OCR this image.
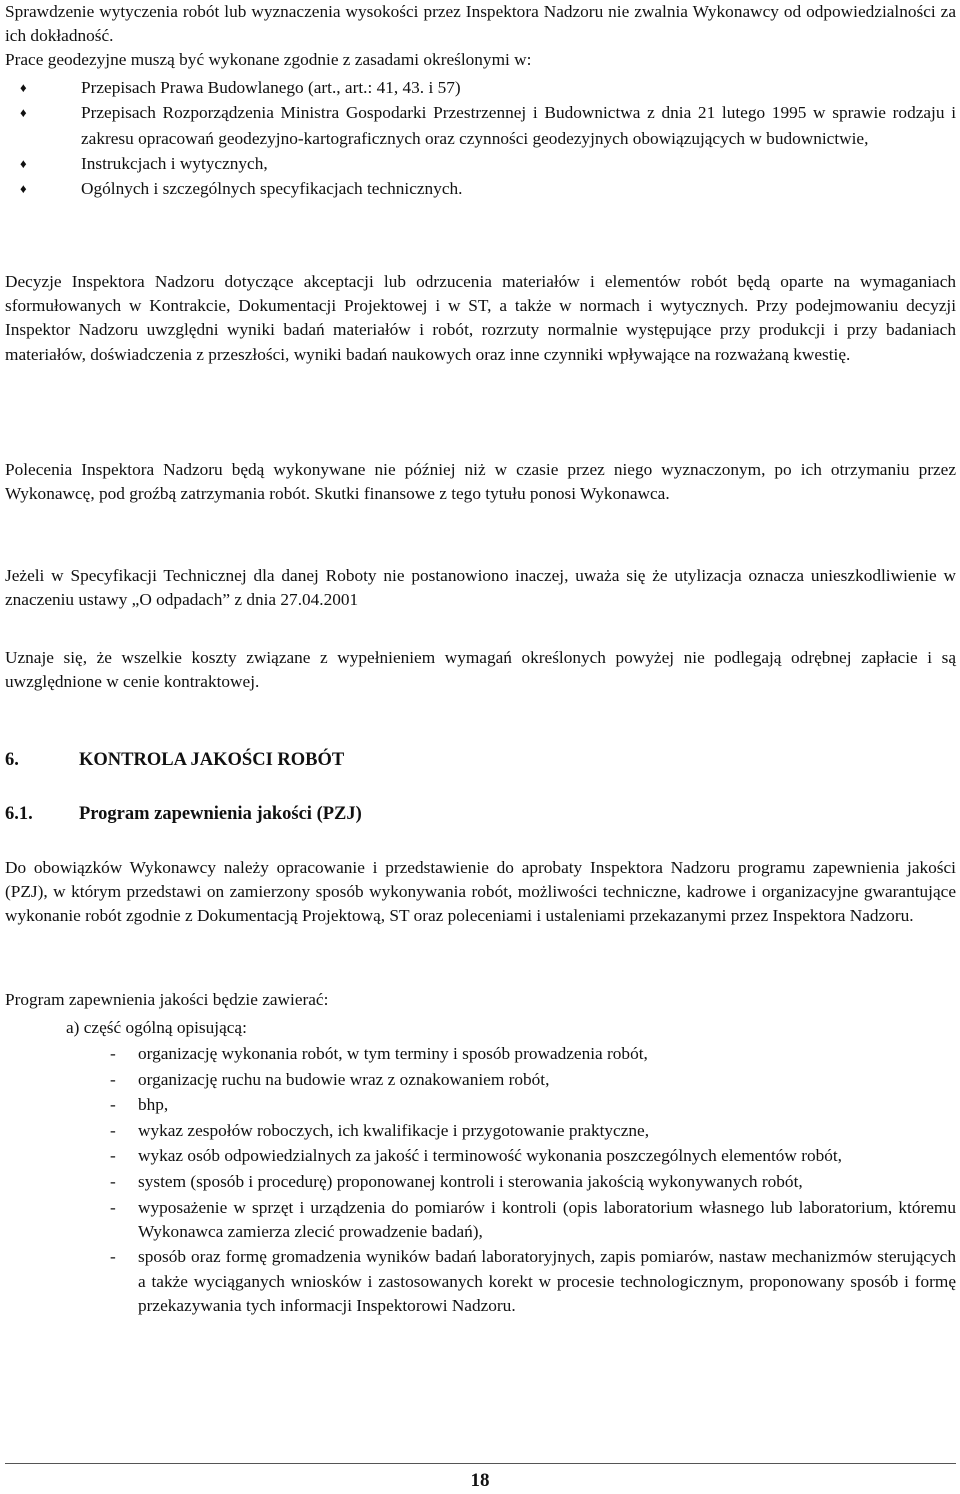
Sprawdzenie wytyczenia robót lub wyznaczenia wysokości przez Inspektora Nadzoru nie zwalnia Wykonawcy od odpowiedzialności za ich dokładność.

Prace geodezyjne muszą być wykonane zgodnie z zasadami określonymi w:

♦	Przepisach Prawa Budowlanego (art., art.: 41, 43. i 57)
♦	Przepisach Rozporządzenia Ministra Gospodarki Przestrzennej i Budownictwa z dnia 21 lutego 1995 w sprawie rodzaju i zakresu opracowań geodezyjno-kartograficznych oraz czynności geodezyjnych obowiązujących w budownictwie,
♦	Instrukcjach i wytycznych,
♦	Ogólnych i szczególnych specyfikacjach technicznych.

Decyzje Inspektora Nadzoru dotyczące akceptacji lub odrzucenia materiałów i elementów robót będą oparte na wymaganiach sformułowanych w Kontrakcie, Dokumentacji Projektowej i w ST, a także w normach i wytycznych. Przy podejmowaniu decyzji Inspektor Nadzoru uwzględni wyniki badań materiałów i robót, rozrzuty normalnie występujące przy produkcji i przy badaniach materiałów, doświadczenia z przeszłości, wyniki badań naukowych oraz inne czynniki wpływające na rozważaną kwestię.

Polecenia Inspektora Nadzoru będą wykonywane nie później niż w czasie przez niego wyznaczonym, po ich otrzymaniu przez Wykonawcę, pod groźbą zatrzymania robót. Skutki finansowe z tego tytułu ponosi Wykonawca.

Jeżeli w Specyfikacji Technicznej dla danej Roboty nie postanowiono inaczej, uważa się że utylizacja oznacza unieszkodliwienie w znaczeniu ustawy „O odpadach” z dnia 27.04.2001

Uznaje się, że wszelkie koszty związane z wypełnieniem wymagań określonych powyżej nie podlegają odrębnej zapłacie i są uwzględnione w cenie kontraktowej.

6.	KONTROLA JAKOŚCI ROBÓT
6.1.	Program zapewnienia jakości (PZJ)

Do obowiązków Wykonawcy należy opracowanie i przedstawienie do aprobaty Inspektora Nadzoru programu zapewnienia jakości (PZJ), w którym przedstawi on zamierzony sposób wykonywania robót, możliwości techniczne, kadrowe i organizacyjne gwarantujące wykonanie robót zgodnie z Dokumentacją Projektową, ST oraz poleceniami i ustaleniami przekazanymi przez Inspektora Nadzoru.

Program zapewnienia jakości będzie zawierać:

a) część ogólną opisującą:
- organizację wykonania robót, w tym terminy i sposób prowadzenia robót,
- organizację ruchu na budowie wraz z oznakowaniem robót,
- bhp,
- wykaz zespołów roboczych, ich kwalifikacje i przygotowanie praktyczne,
- wykaz osób odpowiedzialnych za jakość i terminowość wykonania poszczególnych elementów robót,
- system (sposób i procedurę) proponowanej kontroli i sterowania jakością wykonywanych robót,
- wyposażenie w sprzęt i urządzenia do pomiarów i kontroli (opis laboratorium własnego lub laboratorium, któremu Wykonawca zamierza zlecić prowadzenie badań),
- sposób oraz formę gromadzenia wyników badań laboratoryjnych, zapis pomiarów, nastaw mechanizmów sterujących a także wyciąganych wniosków i zastosowanych korekt w procesie technologicznym, proponowany sposób i formę przekazywania tych informacji Inspektorowi Nadzoru.
18
